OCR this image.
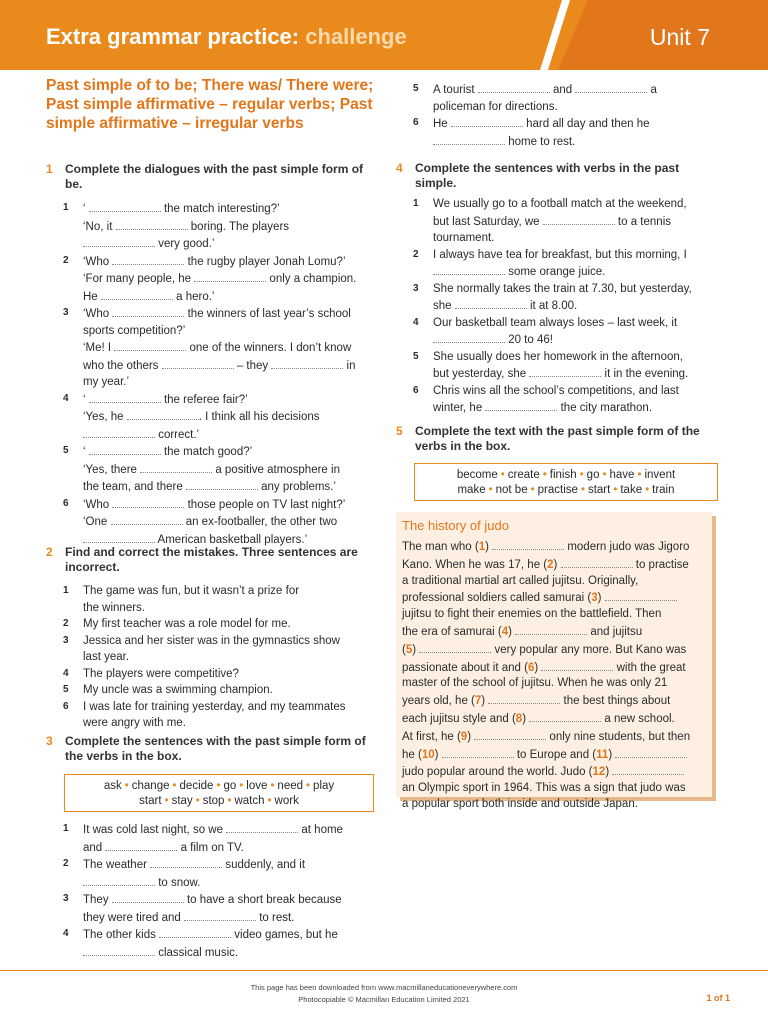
Extra grammar practice: challenge	Unit 7
Past simple of to be; There was/ There were; Past simple affirmative – regular verbs; Past simple affirmative – irregular verbs
1 Complete the dialogues with the past simple form of be.
1 ‘	the match interesting?’
‘No, it	boring. The players
very good.’
2 ‘Who	the rugby player Jonah Lomu?’
‘For many people, he	only a champion.
He	a hero.’
3 ‘Who	the winners of last year’s school
sports competition?’
‘Me! I	one of the winners. I don’t know
who the others	– they	in
my year.’
4 ‘	the referee fair?’
‘Yes, he	. I think all his decisions
correct.’
5 ‘	the match good?’
‘Yes, there	a positive atmosphere in
the team, and there	any problems.’
6 ‘Who	those people on TV last night?’
‘One	an ex-footballer, the other two
American basketball players.’
2 Find and correct the mistakes. Three sentences are incorrect.
1 The game was fun, but it wasn’t a prize for
the winners.
2 My first teacher was a role model for me.
3 Jessica and her sister was in the gymnastics show
last year.
4 The players were competitive?
5 My uncle was a swimming champion.
6 I was late for training yesterday, and my teammates
were angry with me.
3 Complete the sentences with the past simple form of the verbs in the box.
ask • change • decide • go • love • need • play
start • stay • stop • watch • work
1 It was cold last night, so we	at home
and	a film on TV.
2 The weather	suddenly, and it
to snow.
3 They	to have a short break because
they were tired and	to rest.
4 The other kids	video games, but he
classical music.
5 A tourist	and	a
policeman for directions.
6 He	hard all day and then he
home to rest.
4 Complete the sentences with verbs in the past simple.
1 We usually go to a football match at the weekend,
but last Saturday, we	to a tennis
tournament.
2 I always have tea for breakfast, but this morning, I
some orange juice.
3 She normally takes the train at 7.30, but yesterday,
she	it at 8.00.
4 Our basketball team always loses – last week, it
20 to 46!
5 She usually does her homework in the afternoon,
but yesterday, she	it in the evening.
6 Chris wins all the school’s competitions, and last
winter, he	the city marathon.
5 Complete the text with the past simple form of the verbs in the box.
become • create • finish • go • have • invent
make • not be • practise • start • take • train
The history of judo
The man who (1)	modern judo was Jigoro
Kano. When he was 17, he (2)	to practise
a traditional martial art called jujitsu. Originally,
professional soldiers called samurai (3)
jujitsu to fight their enemies on the battlefield. Then
the era of samurai (4)	and jujitsu
(5)	very popular any more. But Kano was
passionate about it and (6)	with the great
master of the school of jujitsu. When he was only 21
years old, he (7)	the best things about
each jujitsu style and (8)	a new school.
At first, he (9)	only nine students, but then
he (10)	to Europe and (11)
judo popular around the world. Judo (12)
an Olympic sport in 1964. This was a sign that judo was
a popular sport both inside and outside Japan.
This page has been downloaded from www.macmillaneducationeverywhere.com
Photocopiable © Macmillan Education Limited 2021	1 of 1
